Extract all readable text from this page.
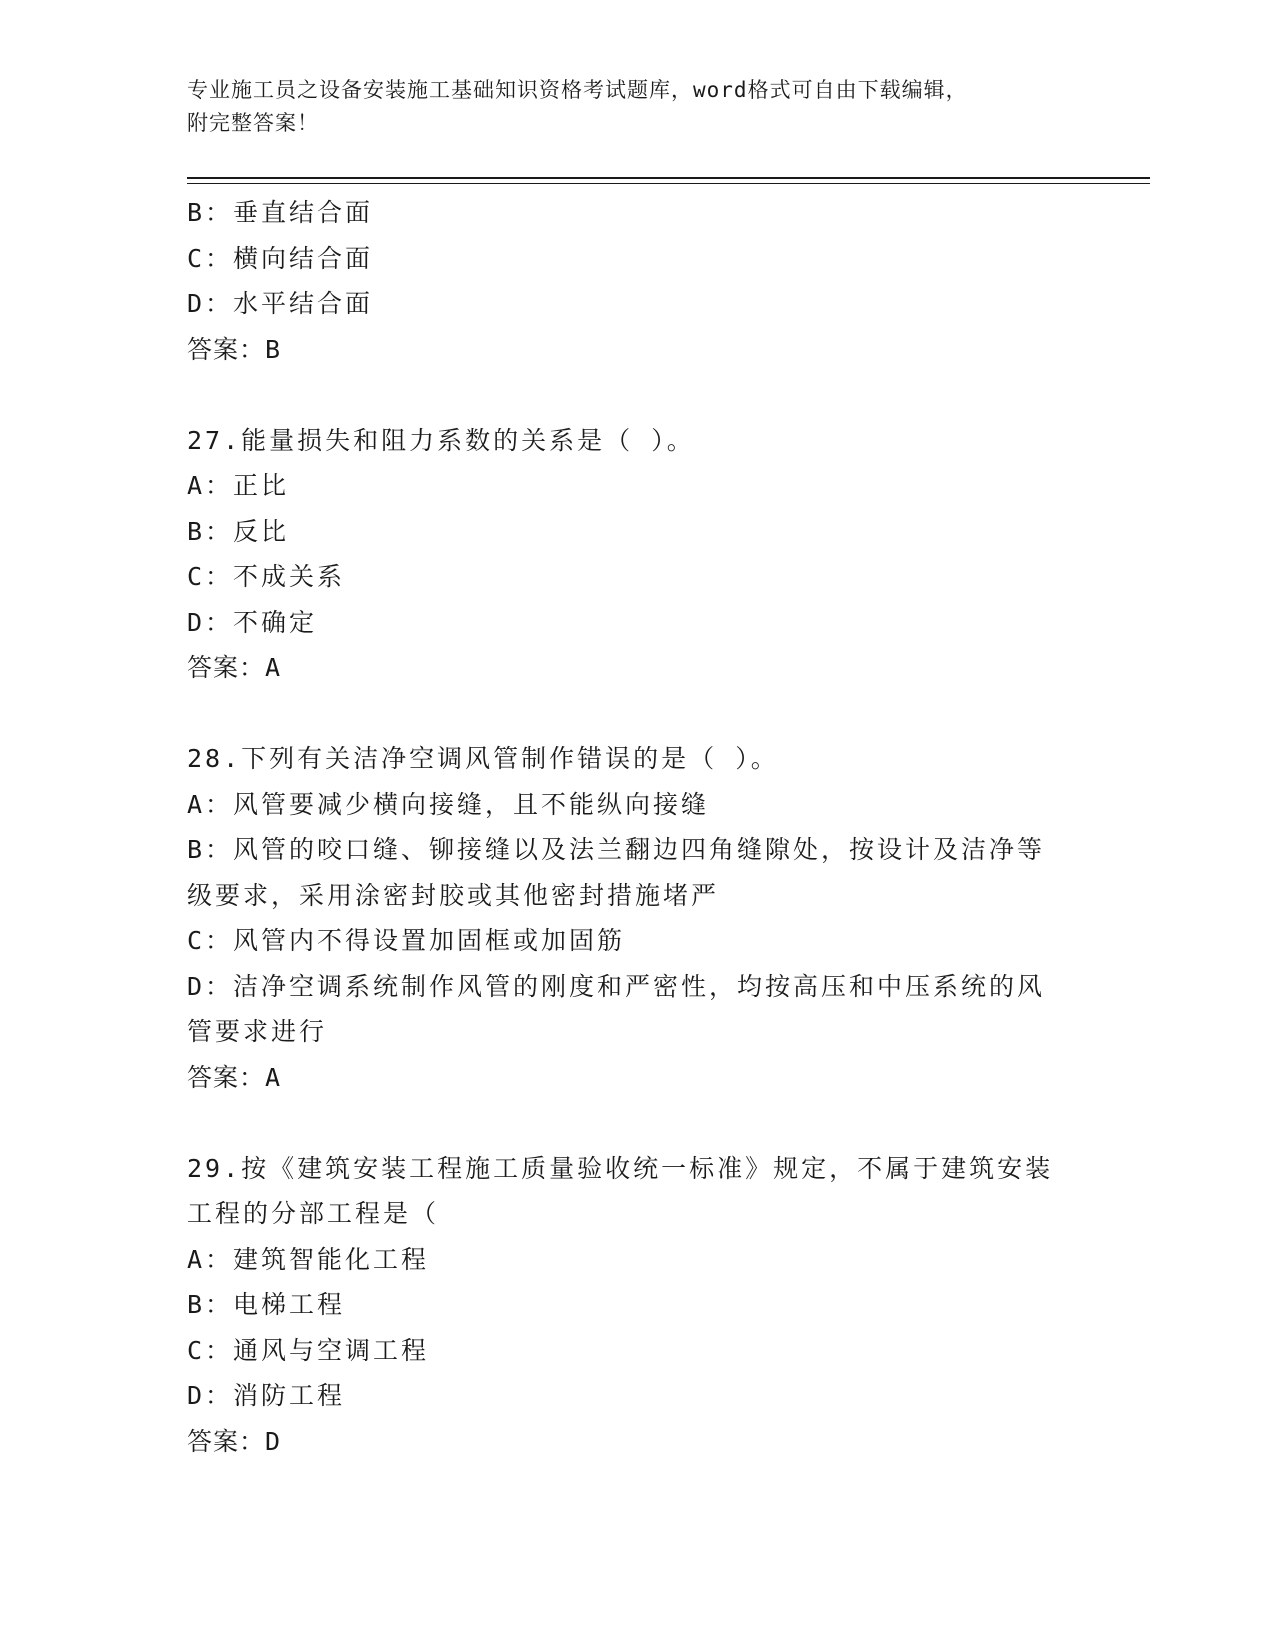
专业施工员之设备安装施工基础知识资格考试题库，word格式可自由下载编辑，
附完整答案！
B：垂直结合面
C：横向结合面
D：水平结合面
答案：B
27.能量损失和阻力系数的关系是（ ）。
A：正比
B：反比
C：不成关系
D：不确定
答案：A
28.下列有关洁净空调风管制作错误的是（ ）。
A：风管要减少横向接缝，且不能纵向接缝
B：风管的咬口缝、铆接缝以及法兰翻边四角缝隙处，按设计及洁净等
级要求，采用涂密封胶或其他密封措施堵严
C：风管内不得设置加固框或加固筋
D：洁净空调系统制作风管的刚度和严密性，均按高压和中压系统的风
管要求进行
答案：A
29.按《建筑安装工程施工质量验收统一标准》规定，不属于建筑安装
工程的分部工程是（
A：建筑智能化工程
B：电梯工程
C：通风与空调工程
D：消防工程
答案：D
